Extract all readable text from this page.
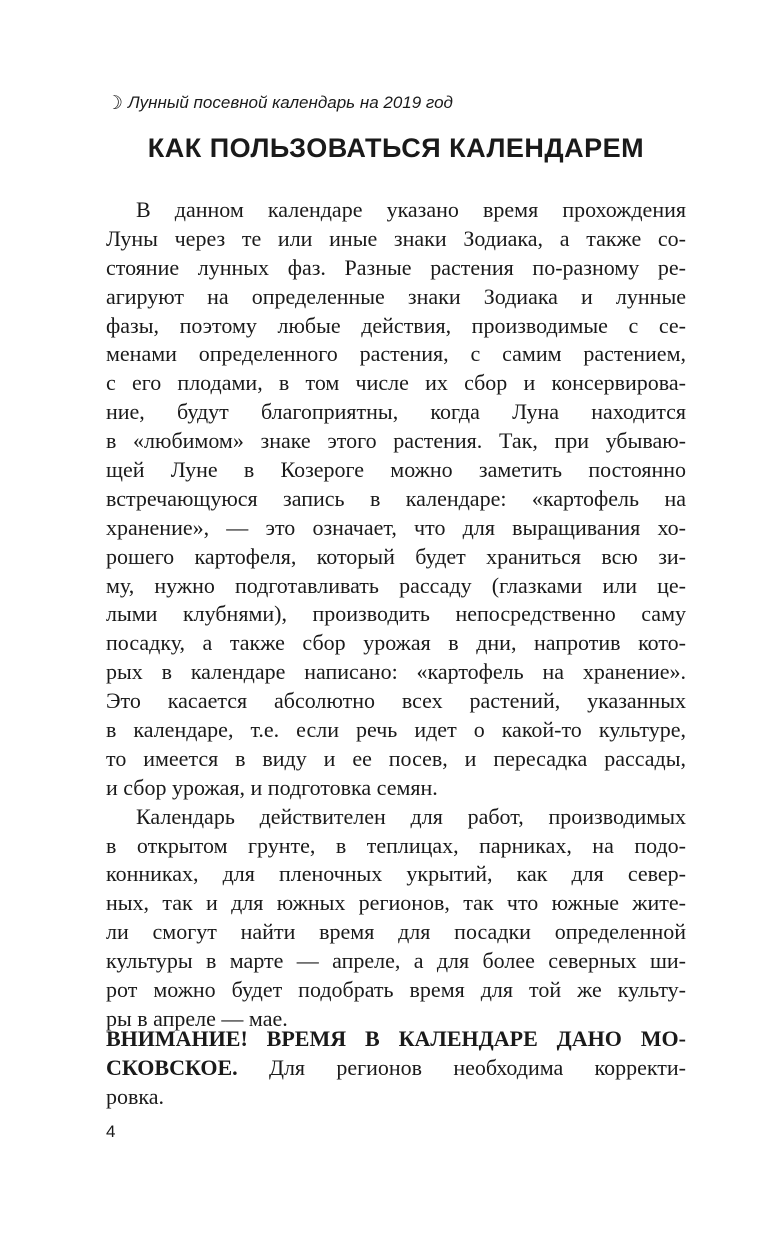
☽ Лунный посевной календарь на 2019 год
КАК ПОЛЬЗОВАТЬСЯ КАЛЕНДАРЕМ
В данном календаре указано время прохождения
Луны через те или иные знаки Зодиака, а также со-
стояние лунных фаз. Разные растения по-разному ре-
агируют на определенные знаки Зодиака и лунные
фазы, поэтому любые действия, производимые с се-
менами определенного растения, с самим растением,
с его плодами, в том числе их сбор и консервирова-
ние, будут благоприятны, когда Луна находится
в «любимом» знаке этого растения. Так, при убываю-
щей Луне в Козероге можно заметить постоянно
встречающуюся запись в календаре: «картофель на
хранение», — это означает, что для выращивания хо-
рошего картофеля, который будет храниться всю зи-
му, нужно подготавливать рассаду (глазками или це-
лыми клубнями), производить непосредственно саму
посадку, а также сбор урожая в дни, напротив кото-
рых в календаре написано: «картофель на хранение».
Это касается абсолютно всех растений, указанных
в календаре, т.е. если речь идет о какой-то культуре,
то имеется в виду и ее посев, и пересадка рассады,
и сбор урожая, и подготовка семян.
Календарь действителен для работ, производимых
в открытом грунте, в теплицах, парниках, на подо-
конниках, для пленочных укрытий, как для север-
ных, так и для южных регионов, так что южные жите-
ли смогут найти время для посадки определенной
культуры в марте — апреле, а для более северных ши-
рот можно будет подобрать время для той же культу-
ры в апреле — мае.
ВНИМАНИЕ! ВРЕМЯ В КАЛЕНДАРЕ ДАНО МО-
СКОВСКОЕ. Для регионов необходима корректи-
ровка.
4
